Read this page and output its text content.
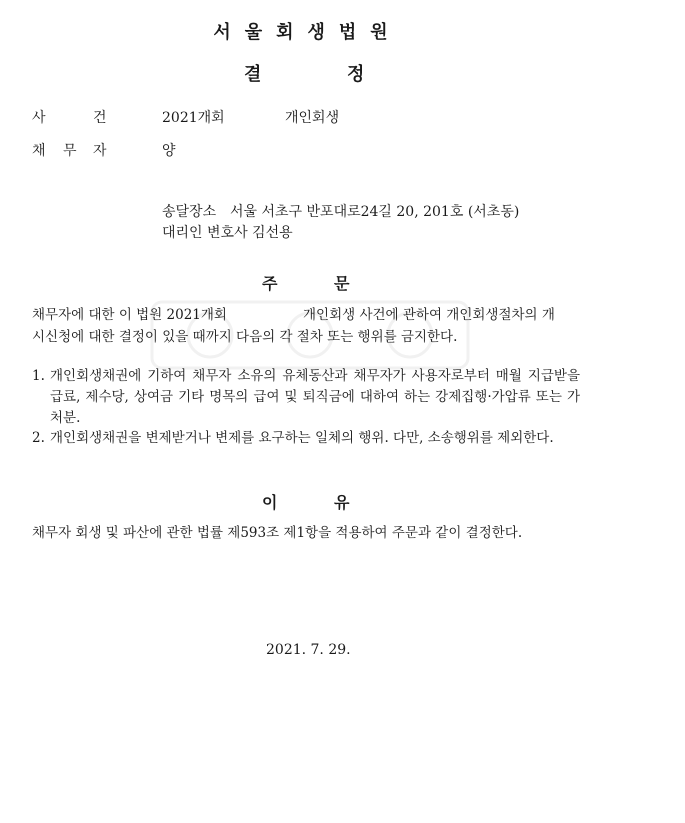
서울회생법원
결	정
사	건	2021개회	개인회생
채 무 자	양
송달장소 서울 서초구 반포대로24길 20, 201호 (서초동)
대리인 변호사 김선용
주	문
채무자에 대한 이 법원 2021개회	개인회생 사건에 관하여 개인회생절차의 개
시신청에 대한 결정이 있을 때까지 다음의 각 절차 또는 행위를 금지한다.
1. 개인회생채권에 기하여 채무자 소유의 유체동산과 채무자가 사용자로부터 매월 지급받을 급료, 제수당, 상여금 기타 명목의 급여 및 퇴직금에 대하여 하는 강제집행·가압류 또는 가처분.
2. 개인회생채권을 변제받거나 변제를 요구하는 일체의 행위. 다만, 소송행위를 제외한다.
이	유
채무자 회생 및 파산에 관한 법률 제593조 제1항을 적용하여 주문과 같이 결정한다.
2021. 7. 29.
